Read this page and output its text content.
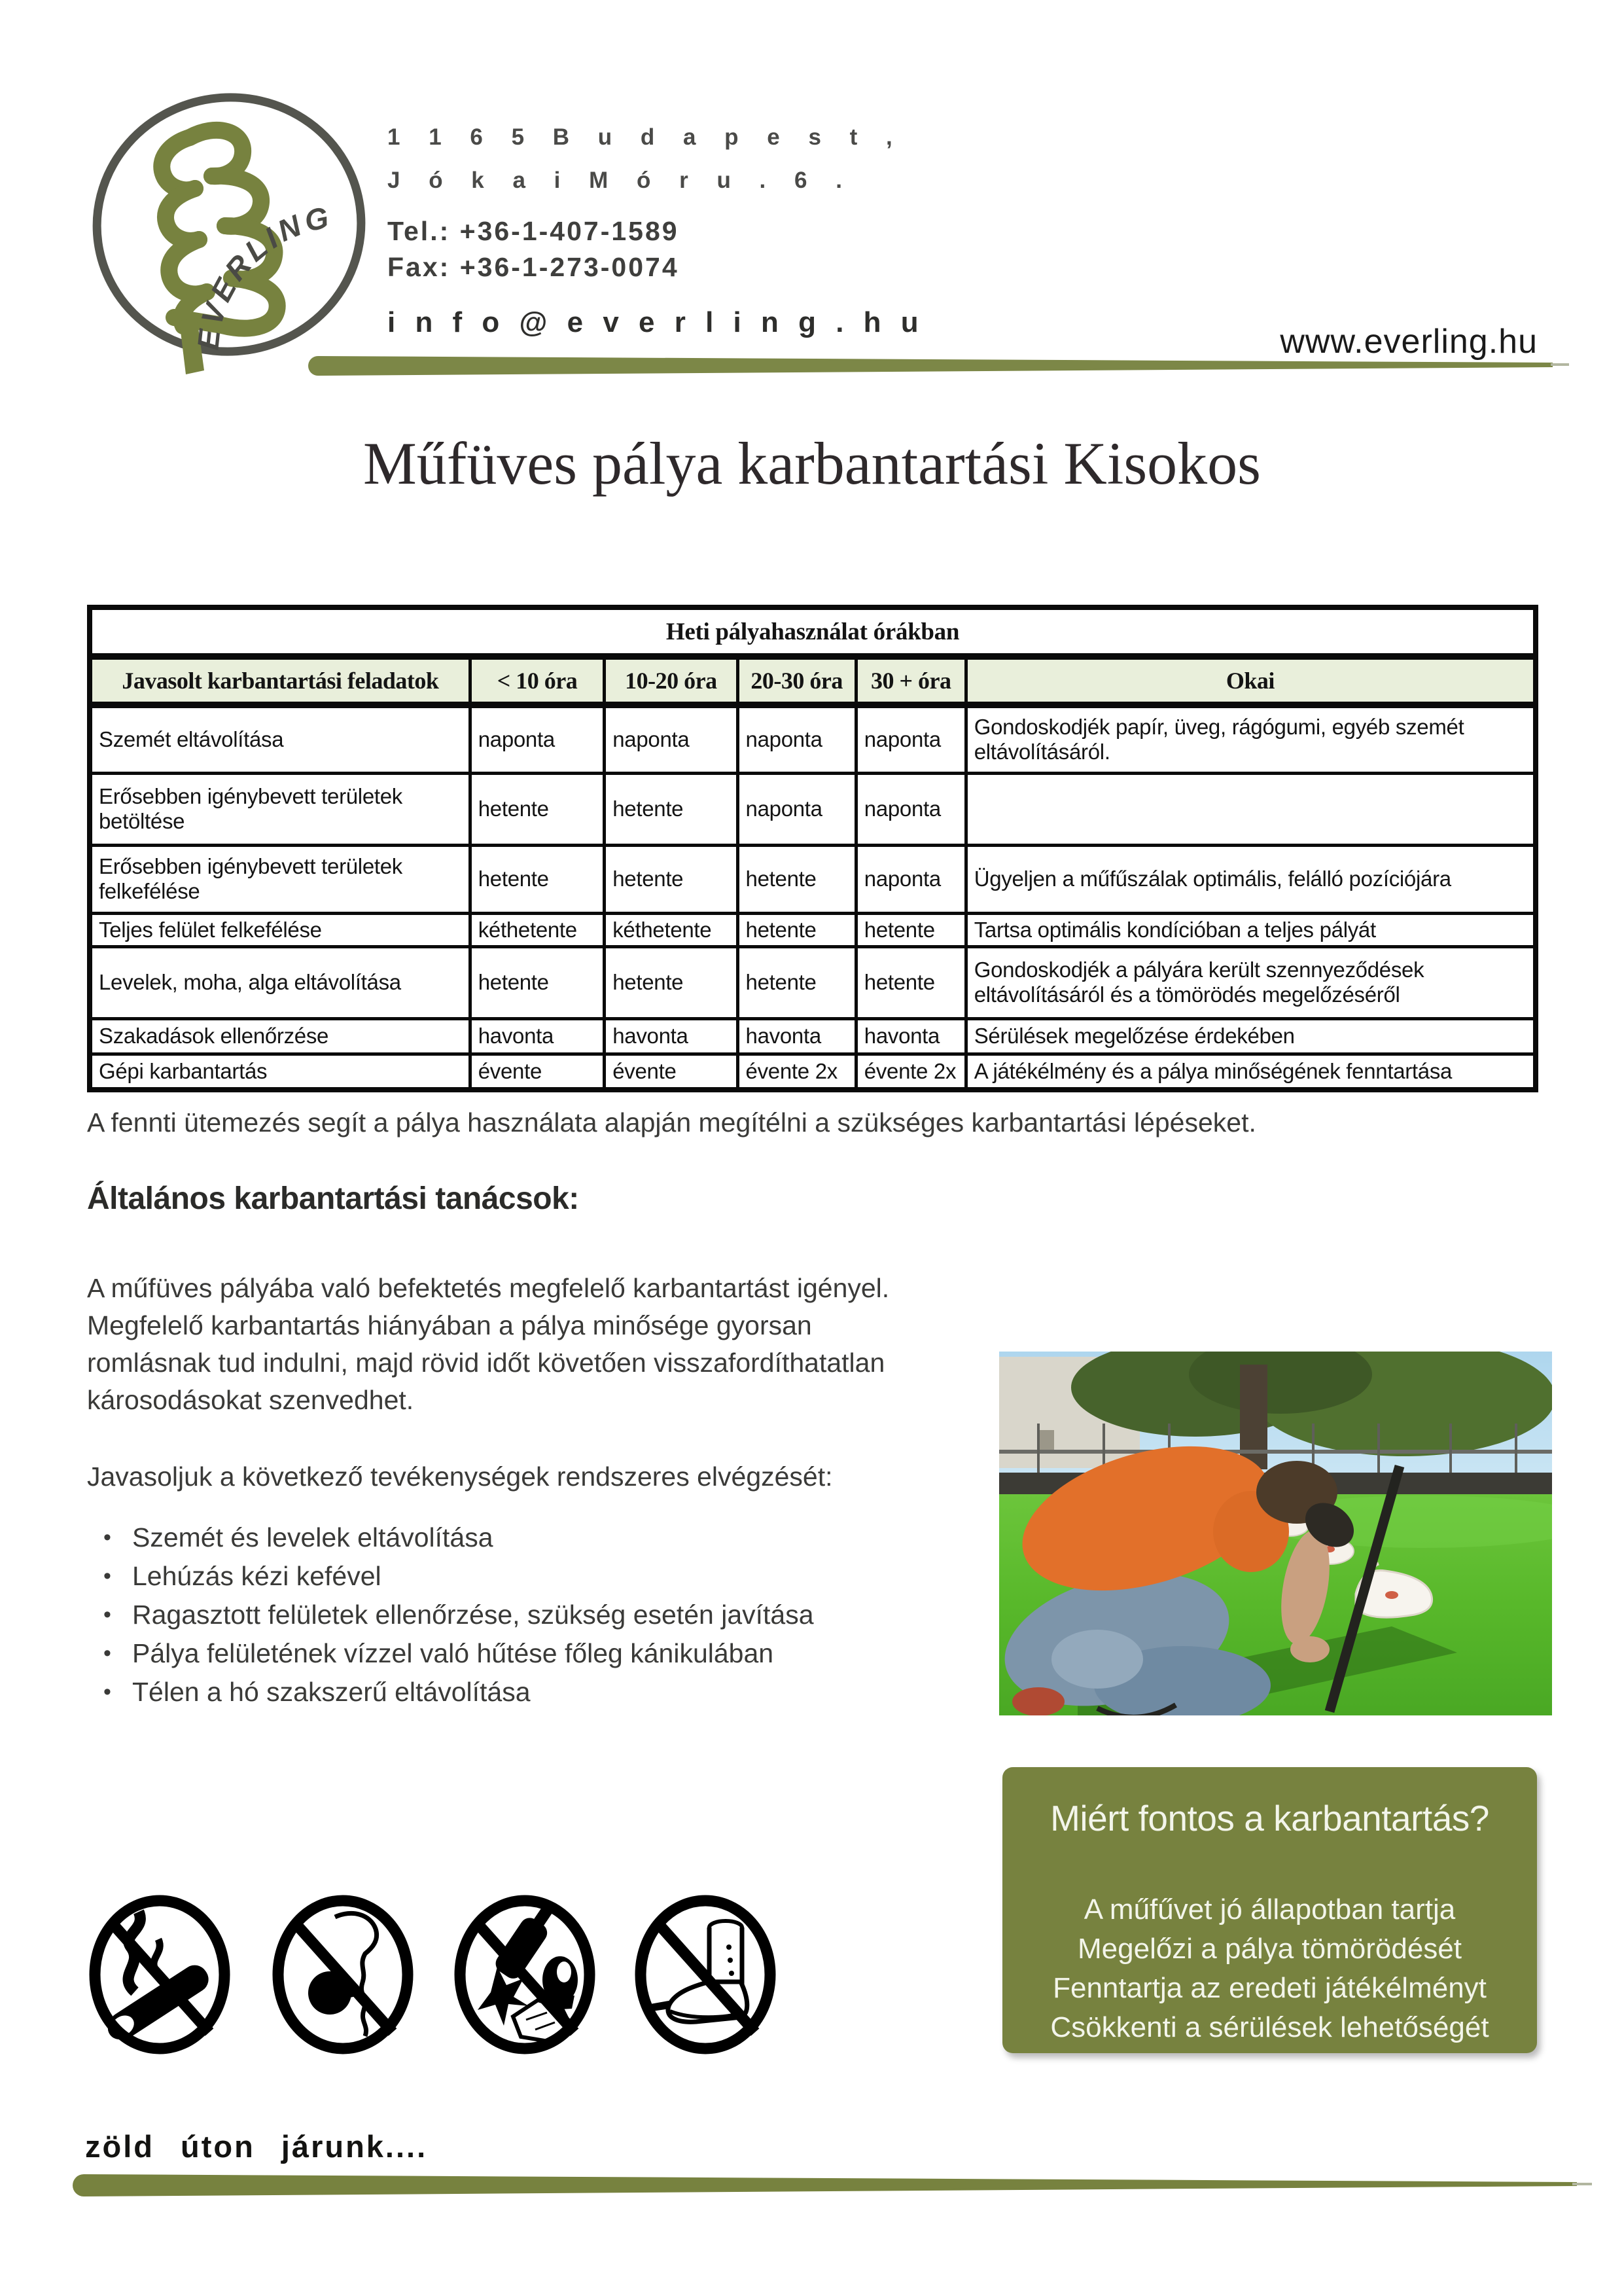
EVERLING
1 1 6 5 B u d a p e s t ,
J ó k a i M ó r u . 6 .
Tel.: +36-1-407-1589
Fax: +36-1-273-0074
i n f o @ e v e r l i n g . h u
www.everling.hu
Műfüves pálya karbantartási Kisokos
Heti pályahasználat órákban					
Javasolt karbantartási feladatok	< 10 óra	10-20 óra	20-30 óra	30 + óra	Okai
Szemét eltávolítása	naponta	naponta	naponta	naponta	Gondoskodjék papír, üveg, rágógumi, egyéb szemét eltávolításáról.
Erősebben igénybevett területek betöltése	hetente	hetente	naponta	naponta	
Erősebben igénybevett területek felkefélése	hetente	hetente	hetente	naponta	Ügyeljen a műfűszálak optimális, felálló pozíciójára
Teljes felület felkefélése	kéthetente	kéthetente	hetente	hetente	Tartsa optimális kondícióban a teljes pályát
Levelek, moha, alga eltávolítása	hetente	hetente	hetente	hetente	Gondoskodjék a pályára került szennyeződések eltávolításáról és a tömörödés megelőzéséről
Szakadások ellenőrzése	havonta	havonta	havonta	havonta	Sérülések megelőzése érdekében
Gépi karbantartás	évente	évente	évente 2x	évente 2x	A játékélmény és a pálya minőségének fenntartása
A fennti ütemezés segít a pálya használata alapján megítélni a szükséges karbantartási lépéseket.
Általános karbantartási tanácsok:
A műfüves pályába való befektetés megfelelő karbantartást igényel. Megfelelő karbantartás hiányában a pálya minősége gyorsan romlásnak tud indulni, majd rövid időt követően visszafordíthatatlan károsodásokat szenvedhet.
Javasoljuk a következő tevékenységek rendszeres elvégzését:
• Szemét és levelek eltávolítása
• Lehúzás kézi kefével
• Ragasztott felületek ellenőrzése, szükség esetén javítása
• Pálya felületének vízzel való hűtése főleg kánikulában
• Télen a hó szakszerű eltávolítása
Miért fontos a karbantartás?
A műfűvet jó állapotban tartja
Megelőzi a pálya tömörödését
Fenntartja az eredeti játékélményt
Csökkenti a sérülések lehetőségét
zöld úton járunk....
